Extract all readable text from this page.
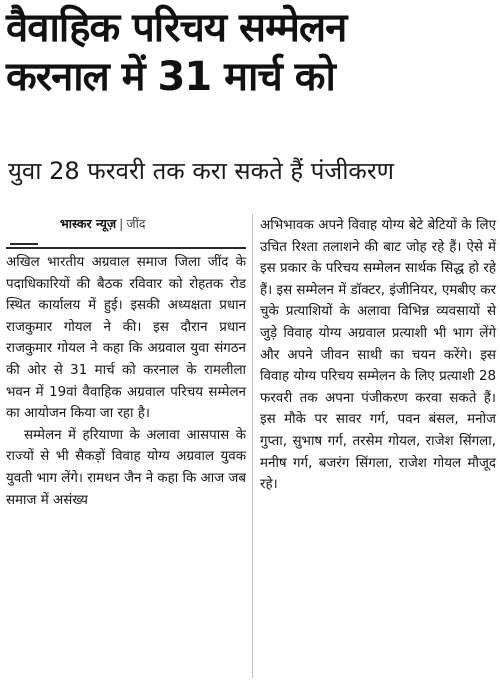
वैवाहिक परिचय सम्मेलन
करनाल में 31 मार्च को
युवा 28 फरवरी तक करा सकते हैं पंजीकरण
भास्कर न्यूज़ | जींद

अखिल भारतीय अग्रवाल समाज जिला जींद के पदाधिकारियों की बैठक रविवार को रोहतक रोड स्थित कार्यालय में हुई। इसकी अध्यक्षता प्रधान राजकुमार गोयल ने की। इस दौरान प्रधान राजकुमार गोयल ने कहा कि अग्रवाल युवा संगठन की ओर से 31 मार्च को करनाल के रामलीला भवन में 19वां वैवाहिक अग्रवाल परिचय सम्मेलन का आयोजन किया जा रहा है।

सम्मेलन में हरियाणा के अलावा आसपास के राज्यों से भी सैकड़ों विवाह योग्य अग्रवाल युवक युवती भाग लेंगे। रामधन जैन ने कहा कि आज जब समाज में असंख्य

अभिभावक अपने विवाह योग्य बेटे बेटियों के लिए उचित रिश्ता तलाशने की बाट जोह रहे हैं। ऐसे में इस प्रकार के परिचय सम्मेलन सार्थक सिद्ध हो रहे हैं। इस सम्मेलन में डॉक्टर, इंजीनियर, एमबीए कर चुके प्रत्याशियों के अलावा विभिन्न व्यवसायों से जुड़े विवाह योग्य अग्रवाल प्रत्याशी भी भाग लेंगे और अपने जीवन साथी का चयन करेंगे। इस विवाह योग्य परिचय सम्मेलन के लिए प्रत्याशी 28 फरवरी तक अपना पंजीकरण करवा सकते हैं। इस मौके पर सावर गर्ग, पवन बंसल, मनोज गुप्ता, सुभाष गर्ग, तरसेम गोयल, राजेश सिंगला, मनीष गर्ग, बजरंग सिंगला, राजेश गोयल मौजूद रहे।
